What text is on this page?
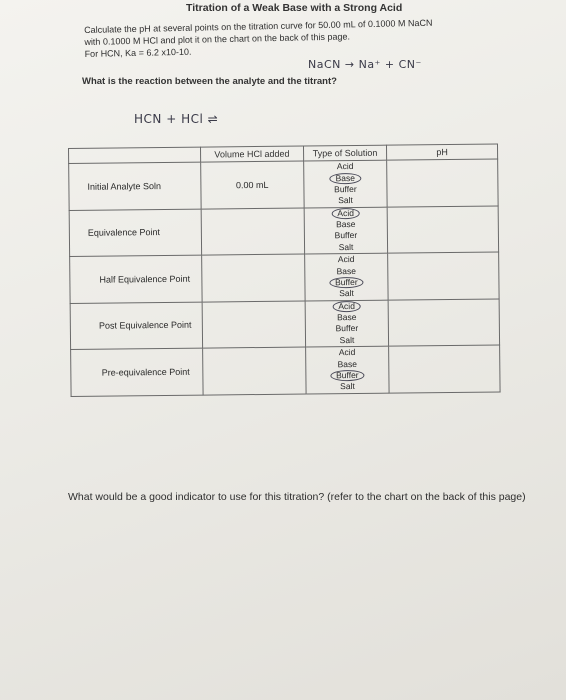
Titration of a Weak Base with a Strong Acid

Calculate the pH at several points on the titration curve for 50.00 mL of 0.1000 M NaCN

with 0.1000 M HCl and plot it on the chart on the back of this page.

For HCN, Ka = 6.2 x10-10.

NaCN → Na⁺ + CN⁻
What is the reaction between the analyte and the titrant?
HCN + HCl ⇌
	Volume HCl added	Type of Solution	pH

Initial Analyte Soln	0.00 mL	Acid
Base
Buffer
Salt	

Equivalence Point		Acid
Base
Buffer
Salt	

Half Equivalence Point		Acid
Base
Buffer
Salt	

Post Equivalence Point		Acid
Base
Buffer
Salt	

Pre-equivalence Point		Acid
Base
Buffer
Salt	

What would be a good indicator to use for this titration? (refer to the chart on the back of this page)
